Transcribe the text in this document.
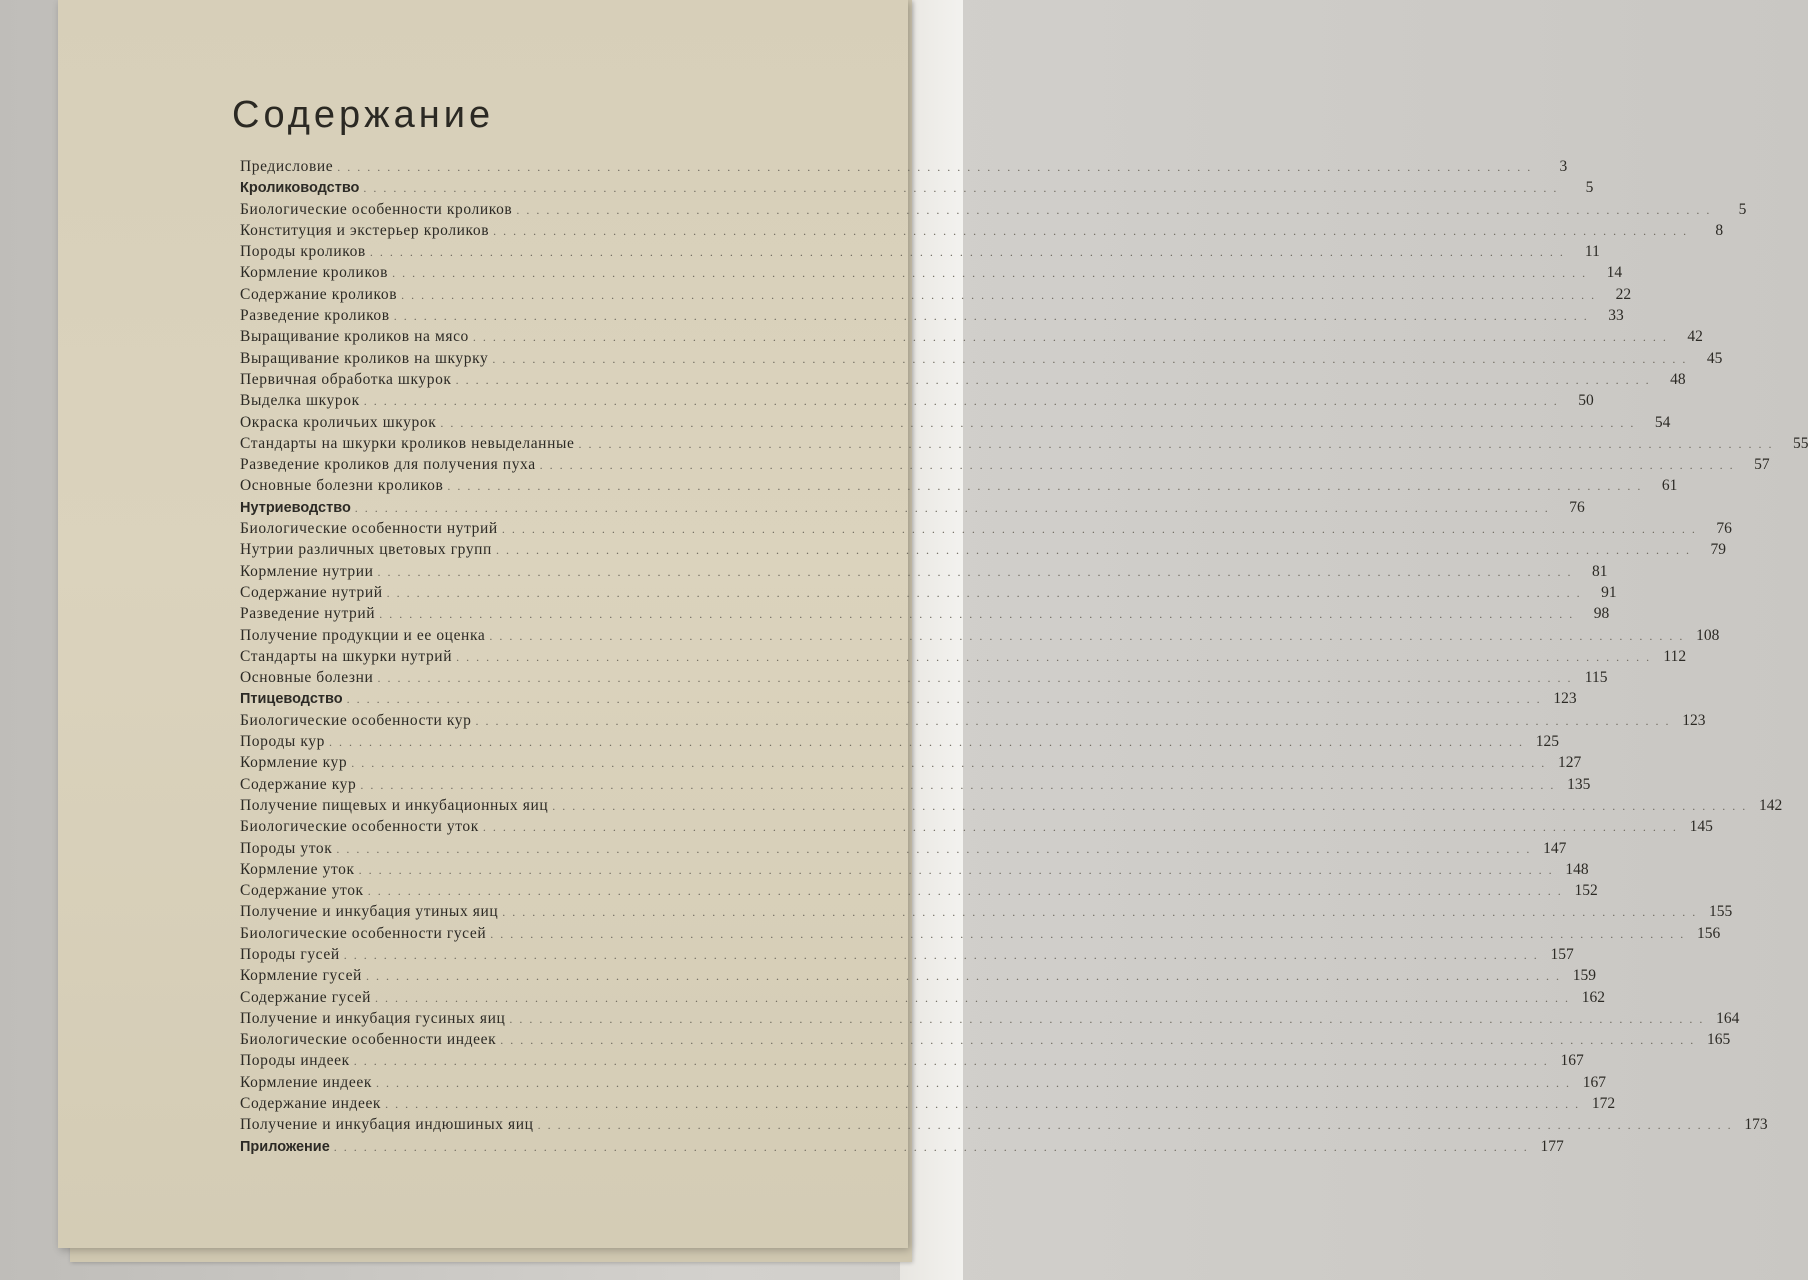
Содержание
Предисловие ........................................................................................................................	3
Кролиководство ........................................................................................................................	5
Биологические особенности кроликов ........................................................................................................................	5
Конституция и экстерьер кроликов ........................................................................................................................	8
Породы кроликов ........................................................................................................................ 11
Кормление кроликов ........................................................................................................................ 14
Содержание кроликов ........................................................................................................................ 22
Разведение кроликов ........................................................................................................................ 33
Выращивание кроликов на мясо ........................................................................................................................ 42
Выращивание кроликов на шкурку ........................................................................................................................ 45
Первичная обработка шкурок ........................................................................................................................ 48
Выделка шкурок ........................................................................................................................ 50
Окраска кроличьих шкурок ........................................................................................................................ 54
Стандарты на шкурки кроликов невыделанные ........................................................................................................................ 55
Разведение кроликов для получения пуха ........................................................................................................................ 57
Основные болезни кроликов ........................................................................................................................ 61
Нутриеводство ........................................................................................................................ 76
Биологические особенности нутрий ........................................................................................................................ 76
Нутрии различных цветовых групп ........................................................................................................................ 79
Кормление нутрии ........................................................................................................................ 81
Содержание нутрий ........................................................................................................................ 91
Разведение нутрий ........................................................................................................................ 98
Получение продукции и ее оценка ........................................................................................................................ 108
Стандарты на шкурки нутрий ........................................................................................................................ 112
Основные болезни ........................................................................................................................ 115
Птицеводство ........................................................................................................................ 123
Биологические особенности кур ........................................................................................................................ 123
Породы кур ........................................................................................................................ 125
Кормление кур ........................................................................................................................ 127
Содержание кур ........................................................................................................................ 135
Получение пищевых и инкубационных яиц ........................................................................................................................ 142
Биологические особенности уток ........................................................................................................................ 145
Породы уток ........................................................................................................................ 147
Кормление уток ........................................................................................................................ 148
Содержание уток ........................................................................................................................ 152
Получение и инкубация утиных яиц ........................................................................................................................ 155
Биологические особенности гусей ........................................................................................................................ 156
Породы гусей ........................................................................................................................ 157
Кормление гусей ........................................................................................................................ 159
Содержание гусей ........................................................................................................................ 162
Получение и инкубация гусиных яиц ........................................................................................................................ 164
Биологические особенности индеек ........................................................................................................................ 165
Породы индеек ........................................................................................................................ 167
Кормление индеек ........................................................................................................................ 167
Содержание индеек ........................................................................................................................ 172
Получение и инкубация индюшиных яиц ........................................................................................................................ 173
Приложение ........................................................................................................................ 177
